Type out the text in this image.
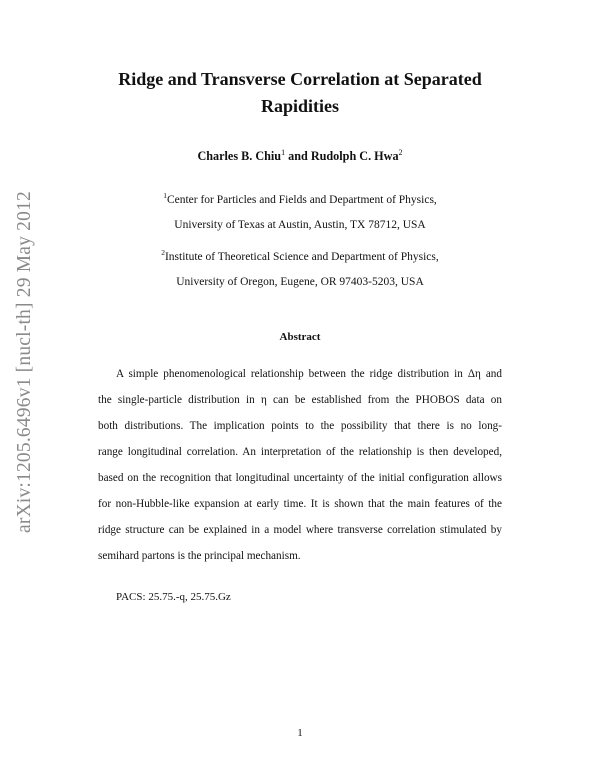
arXiv:1205.6496v1 [nucl-th] 29 May 2012
Ridge and Transverse Correlation at Separated
Rapidities

Charles B. Chiu$^1$ and Rudolph C. Hwa$^2$

$^1$Center for Particles and Fields and Department of Physics,

University of Texas at Austin, Austin, TX 78712, USA

$^2$Institute of Theoretical Science and Department of Physics,

University of Oregon, Eugene, OR 97403-5203, USA

Abstract

A simple phenomenological relationship between the ridge distribution in Δη and
the single-particle distribution in η can be established from the PHOBOS data on
both distributions. The implication points to the possibility that there is no long-
range longitudinal correlation. An interpretation of the relationship is then developed,
based on the recognition that longitudinal uncertainty of the initial configuration allows
for non-Hubble-like expansion at early time. It is shown that the main features of the
ridge structure can be explained in a model where transverse correlation stimulated by
semihard partons is the principal mechanism.

PACS: 25.75.-q, 25.75.Gz

1
